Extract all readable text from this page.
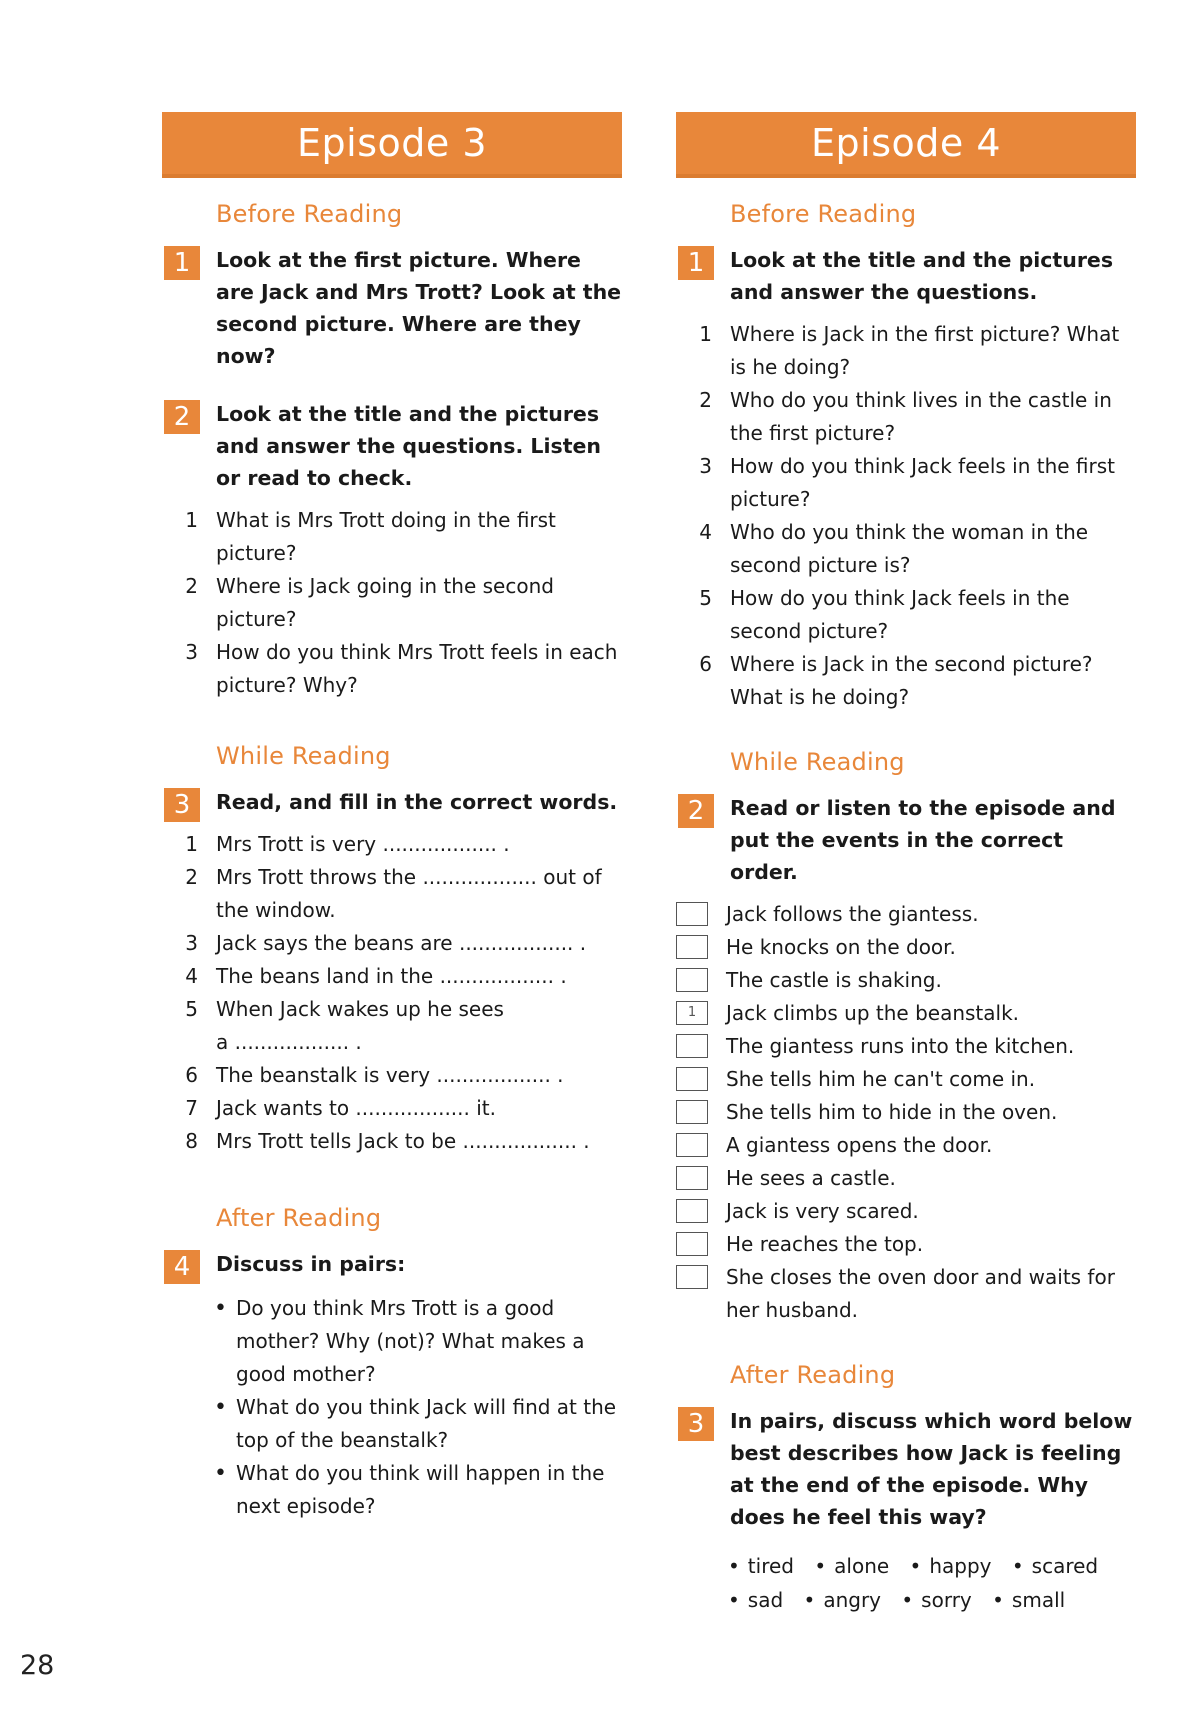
Episode 3
Before Reading
1	Look at the first picture. Where are Jack and Mrs Trott? Look at the second picture. Where are they now?
2	Look at the title and the pictures and answer the questions. Listen or read to check.
1 What is Mrs Trott doing in the first picture?
2 Where is Jack going in the second picture?
3 How do you think Mrs Trott feels in each picture? Why?
While Reading
3	Read, and fill in the correct words.
1 Mrs Trott is very .................. .
2 Mrs Trott throws the .................. out of the window.
3 Jack says the beans are .................. .
4 The beans land in the .................. .
5 When Jack wakes up he sees a .................. .
6 The beanstalk is very .................. .
7 Jack wants to .................. it.
8 Mrs Trott tells Jack to be .................. .
After Reading
4	Discuss in pairs:
• Do you think Mrs Trott is a good mother? Why (not)? What makes a good mother?
• What do you think Jack will find at the top of the beanstalk?
• What do you think will happen in the next episode?
Episode 4
Before Reading
1	Look at the title and the pictures and answer the questions.
1 Where is Jack in the first picture? What is he doing?
2 Who do you think lives in the castle in the first picture?
3 How do you think Jack feels in the first picture?
4 Who do you think the woman in the second picture is?
5 How do you think Jack feels in the second picture?
6 Where is Jack in the second picture? What is he doing?
While Reading
2	Read or listen to the episode and put the events in the correct order.
Jack follows the giantess.
He knocks on the door.
The castle is shaking.
1	Jack climbs up the beanstalk.
The giantess runs into the kitchen.
She tells him he can't come in.
She tells him to hide in the oven.
A giantess opens the door.
He sees a castle.
Jack is very scared.
He reaches the top.
She closes the oven door and waits for her husband.
After Reading
3	In pairs, discuss which word below best describes how Jack is feeling at the end of the episode. Why does he feel this way?
• tired • alone • happy • scared
• sad • angry • sorry • small
28
